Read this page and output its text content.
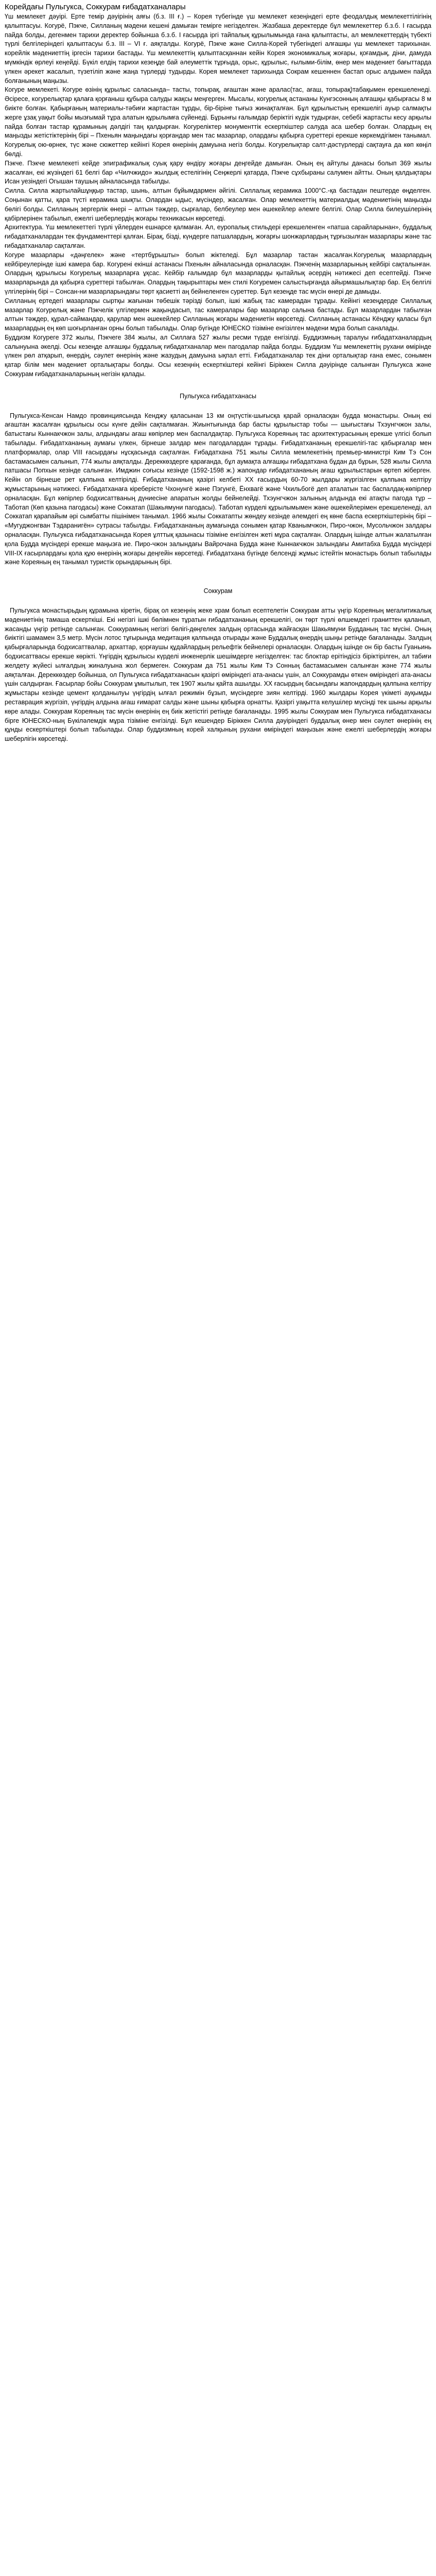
Корейдағы Пульгукса, Соккурам ғибадатханалары

Үш мемлекет дәуірі. Ерте темір дәуірінің аяғы (б.з. III ғ.) – Корея түбегінде үш мемлекет кезеңіндегі ерте феодалдық мемлекеттілігінің қалыптасуы. Когурё, Пэкче, Силланың мәдени кешені дамыған темірге негізделген. Жазбаша деректерде бұл мемлекеттер б.з.б. I ғасырда пайда болды, дегенмен тарихи деректер бойынша б.з.б. I ғасырда іргі тайпалық құрылымында ғана қалыптасты, ал мемлекеттердің түбекті түрлі белгілеріндегі қалыптасуы б.з. III – VI ғ. аяқталды. Когурё, Пэкче және Силла-Корей түбегіндегі алғашқы үш мемлекет тарихынан. корейлік мәдениеттің іргесін тарихи бастады. Үш мемлекеттің қалыптасқаннан кейін Корея экономикалық жоғары, қоғамдық, діни, дамуда мүмкіндік өрлеуі кеңейді. Бүкіл елдің тарихи кезеңде бай әлеуметтік тұрғыда, орыс, құрылыс, ғылыми-білім, өнер мен мәдениет бағыттарда үлкен әрекет жасалып, түзетіліп және жаңа түрлерді тудырды. Корея мемлекет тарихында Сокрам кешеннен бастап орыс алдымен пайда болғанының маңызы.

Когуре мемлекеті. Когуре өзінің құрылыс саласында– тасты, топырақ, ағаштан және аралас(тас, ағаш, топырақ)табақымен ерекшеленеді. Әсіресе, когурелықтар қалаға қорғаныш құбыра салуды жақсы меңгерген. Мысалы, когурелық астананы Кунгэсонның алғашқы қабырғасы 8 м биікте болған. Қабырғаның материалы-тәбиғи жартастан тұрды, бір-біріне тығыз жинақталған. Бұл құрылыстың ерекшелігі ауыр салмақты жерге ұзақ уақыт бойы мызғымай тұра алатын құрылымға сүйенеді. Бұрынғы ғалымдар беріктігі күдік тудырған, себебі жартасты кесу арқылы пайда болған тастар құрамының дәлдігі таң қалдырған. Когуреліктер монументтік ескерткіштер салуда аса шебер болған. Олардың ең маңызды жетістіктерінің бірі – Пхеньян маңындағы қорғандар мен тас мазарлар, олардағы қабырға суреттері ерекше көркемдігімен танымал. Когурелық ою-өрнек, түс және сюжеттер кейінгі Корея өнерінің дамуына негіз болды. Когурелықтар салт-дәстүрлерді сақтауға да көп көңіл бөлді.

Пэкче. Пэкче мемлекеті кейде эпиграфикалық суық қару өндіру жоғары деңгейде дамыған. Оның ең айтулы данасы болып 369 жылы жасалған, екі жүзіндегі 61 белгі бар «Чилчжидо» жылдық естелігінің Сеңжерлі қатарда, Пэкче сұхбыраны салумен айтты. Оның қалдықтары Исан уезіндегі Огышан таушың айналасында табылды.

Силла. Силла жартылайшұңқыр тастар, шынь, алтын бұйымдармен әйгілі. Силлалық керамика 1000°С.-қа бастадан пештерде өңделген. Соңынан қатты, қара түсті керамика шықты. Олардан ыдыс, мүсіндер, жасалған. Олар мемлекеттің материалдық мәдениетінің маңызды бөлігі болды. Силланың зергерлік өнері – алтын тәждер, сырғалар, белбеулер мен әшекейлер әлемге белгілі. Олар Силла билеушілерінің қабірлерінен табылып, ежелгі шеберлердің жоғары техникасын көрсетеді.

Архитектура. Үш мемлекеттегі түрлі үйлерден ешнарсе қалмаған. Ал, еуропалық стильдері ерекшеленген «патша сарайларынан», буддалық ғибадатханалардан тек фундаменттері қалған. Бірақ, бізді, күндерге патшалардың, жоғарғы шонжарлардың тұрғызылған мазарлары және тас ғибадатханалар сақталған.

Когуре мазарлары «дәңгелек» және «тертбұрышты» болып жіктеледі. Бұл мазарлар тастан жасалған.Когурелық мазарлардың кейбіреулерінде ішкі камера бар. Когурені екінші астанасы Пхеньян айналасында орналасқан. Пэкченің мазарларының кейбірі сақталынған. Олардың құрылысы Когурелық мазарларға ұқсас. Кейбір ғалымдар бұл мазарларды қытайлық әсердің нәтижесі деп есептейді. Пэкче мазарларында да қабырға суреттері табылған. Олардың тақырыптары мен стилі Когуремен салыстырғанда айырмашылықтар бар. Ең белгілі үлгілерінің бірі – Сонсан-ни мазарларындағы төрт қасиетті аң бейнеленген суреттер. Бұл кезеңде тас мүсін өнері де дамыды.

Силланың ертедегі мазарлары сыртқы жағынан төбешік тәрізді болып, ішкі жабық тас камерадан тұрады. Кейінгі кезеңдерде Силлалық мазарлар Когурелық және Пэкчелік үлгілермен жақындасып, тас камералары бар мазарлар салына бастады. Бұл мазарлардан табылған алтын тәждер, құрал-саймандар, қарулар мен әшекейлер Силланың жоғары мәдениетін көрсетеді. Силланың астанасы Кёнджу қаласы бұл мазарлардың ең көп шоғырланған орны болып табылады. Олар бүгінде ЮНЕСКО тізіміне енгізілген мәдени мұра болып саналады.

Буддизм Когуреге 372 жылы, Пэкчеге 384 жылы, ал Силлаға 527 жылы ресми түрде енгізілді. Буддизмның таралуы ғибадатханалардың салынуына әкелді. Осы кезеңде алғашқы буддалық ғибадатханалар мен пагодалар пайда болды. Буддизм Үш мемлекеттің рухани өмірінде үлкен рөл атқарып, өнердің, сәулет өнерінің және жазудың дамуына ықпал етті. Ғибадатханалар тек діни орталықтар ғана емес, сонымен қатар білім мен мәдениет орталықтары болды. Осы кезеңнің ескерткіштері кейінгі Біріккен Силла дәуірінде салынған Пульгукса және Соккурам ғибадатханаларының негізін қалады.

Пульгукса ғибадатханасы

Пульгукса-Кенсан Намдо провинциясында Кенджу қаласынан 13 км оңтүстік-шығысқа қарай орналасқан будда монастыры. Оның екі ағаштан жасалған құрылысы осы күнге дейін сақталмаған. Жиынтығында бар басты құрылыстар тобы — шығыстағы Тхэунгчжон залы, батыстағы Кыннакчжон залы, алдындағы ағаш көпірлер мен баспалдақтар. Пульгукса Кореяның тас архитектурасының ерекше үлгісі болып табылады. Ғибадатхананың аумағы үлкен, бірнеше залдар мен пагодалардан тұрады. Ғибадатхананың ерекшелігі-тас қабырғалар мен платформалар, олар VIII ғасырдағы нұсқасында сақталған. Ғибадатхана 751 жылы Силла мемлекетінің премьер-министрі Ким Тэ Сон бастамасымен салынып, 774 жылы аяқталды. Дереккөздерге қарағанда, бұл аумақта алғашқы ғибадатхана бұдан да бұрын, 528 жылы Силла патшасы Попхын кезінде салынған. Имджин соғысы кезінде (1592-1598 ж.) жапондар ғибадатхананың ағаш құрылыстарын өртеп жіберген. Кейін ол бірнеше рет қалпына келтірілді. Ғибадатхананың қазіргі келбеті XX ғасырдың 60-70 жылдары жүргізілген қалпына келтіру жұмыстарының нәтижесі. Ғибадатханаға кіреберісте Чхонунгё және Пэгунгё, Ёнхвагё және Чхильбогё деп аталатын тас баспалдақ-көпірлер орналасқан. Бұл көпірлер бодхисаттваның дүниесіне апаратын жолды бейнелейді. Тхэунгчжон залының алдында екі атақты пагода тұр – Таботап (Көп қазына пагодасы) және Соккатап (Шакьямуни пагодасы). Таботап күрделі құрылымымен және әшекейлерімен ерекшеленеді, ал Соккатап қарапайым әрі сымбатты пішінімен танымал. 1966 жылы Соккатапты жөндеу кезінде әлемдегі ең көне баспа ескерткіштерінің бірі – «Мугуджонгван Тэдаранигён» сутрасы табылды. Ғибадатхананың аумағында сонымен қатар Кванымчжон, Пиро-чжон, Мусольчжон залдары орналасқан. Пульгукса ғибадатханасында Корея ұлттық қазынасы тізіміне енгізілген жеті мұра сақталған. Олардың ішінде алтын жалатылған қола Будда мүсіндері ерекше маңызға ие. Пиро-чжон залындағы Вайрочана Будда және Кыннакчжон залындағы Амитабха Будда мүсіндері VIII-IX ғасырлардағы қола құю өнерінің жоғары деңгейін көрсетеді. Ғибадатхана бүгінде белсенді жұмыс істейтін монастырь болып табылады және Кореяның ең танымал туристік орындарының бірі.

Соккурам

Пульгукса монастырьдың құрамына кіретін, бірақ ол кезеңнің жеке храм болып есептелетін Соккурам атты үңгір Кореяның мегалитикалық мәдениетінің тамаша ескерткіші. Екі негізгі ішкі бөлімнен тұратын ғибадатхананың ерекшелігі, он төрт түрлі өлшемдегі граниттен қаланып, жасанды үңгір ретінде салынған. Соккурамның негізгі бөлігі-дөңгелек залдың ортасында жайғасқан Шакьямуни Будданың тас мүсіні. Оның биіктігі шамамен 3,5 метр. Мүсін лотос тұғырында медитация қалпында отырады және Буддалық өнердің шыңы ретінде бағаланады. Залдың қабырғаларында бодхисаттвалар, архаттар, қорғаушы құдайлардың рельефтік бейнелері орналасқан. Олардың ішінде он бір басты Гуаньинь бодхисаттвасы ерекше көрікті. Үңгірдің құрылысы күрделі инженерлік шешімдерге негізделген: тас блоктар ерітіндісіз біріктірілген, ал табиғи желдету жүйесі ылғалдың жиналуына жол бермеген. Соккурам да 751 жылы Ким Тэ Сонның бастамасымен салынған және 774 жылы аяқталған. Дереккөздер бойынша, ол Пульгукса ғибадатханасын қазіргі өміріндегі ата-анасы үшін, ал Соккурамды өткен өміріндегі ата-анасы үшін салдырған. Ғасырлар бойы Соккурам ұмытылып, тек 1907 жылы қайта ашылды. XX ғасырдың басындағы жапондардың қалпына келтіру жұмыстары кезінде цемент қолданылуы үңгірдің ылғал режимін бұзып, мүсіндерге зиян келтірді. 1960 жылдары Корея үкіметі ауқымды реставрация жүргізіп, үңгірдің алдына ағаш ғимарат салды және шыны қабырға орнатты. Қазіргі уақытта келушілер мүсінді тек шыны арқылы көре алады. Соккурам Кореяның тас мүсін өнерінің ең биік жетістігі ретінде бағаланады. 1995 жылы Соккурам мен Пульгукса ғибадатханасы бірге ЮНЕСКО-ның Бүкіләлемдік мұра тізіміне енгізілді. Бұл кешендер Біріккен Силла дәуіріндегі буддалық өнер мен сәулет өнерінің ең құнды ескерткіштері болып табылады. Олар буддизмның корей халқының рухани өміріндегі маңызын және ежелгі шеберлердің жоғары шеберлігін көрсетеді.
